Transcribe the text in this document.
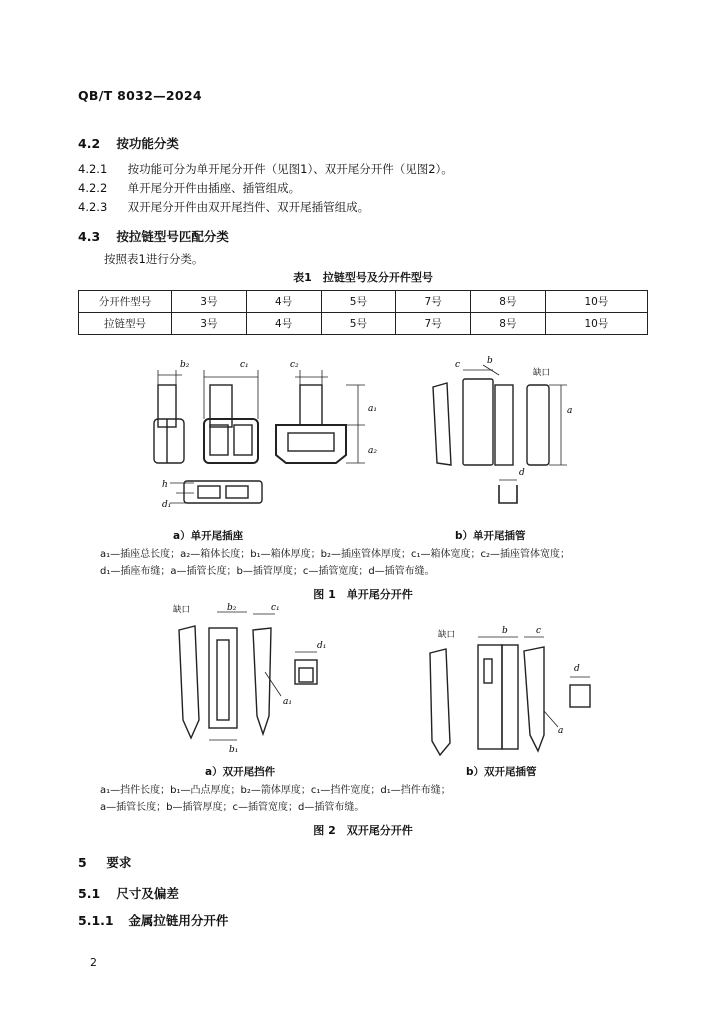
QB/T 8032—2024
4.2 按功能分类
4.2.1 按功能可分为单开尾分开件（见图1）、双开尾分开件（见图2）。
4.2.2 单开尾分开件由插座、插管组成。
4.2.3 双开尾分开件由双开尾挡件、双开尾插管组成。
4.3 按拉链型号匹配分类
按照表1进行分类。
表1　拉链型号及分开件型号
分开件型号	3号	4号	5号	7号	8号	10号
拉链型号	3号	4号	5号	7号	8号	10号
b₂	c₁	c₂
a₁
a₂
h
d₁
c	b
缺口
a
d
a）单开尾插座	b）单开尾插管
a₁—插座总长度；a₂—箱体长度；b₁—箱体厚度；b₂—插座管体厚度；c₁—箱体宽度；c₂—插座管体宽度；
d₁—插座布缝；a—插管长度；b—插管厚度；c—插管宽度；d—插管布缝。
图 1　单开尾分开件
缺口	b₂	c₁
d₁
a₁
b₁
缺口	b	c
d
a
a）双开尾挡件	b）双开尾插管
a₁—挡件长度；b₁—凸点厚度；b₂—箭体厚度；c₁—挡件宽度；d₁—挡件布缝；
a—插管长度；b—插管厚度；c—插管宽度；d—插管布缝。
图 2　双开尾分开件
5 要求
5.1 尺寸及偏差
5.1.1 金属拉链用分开件
2
